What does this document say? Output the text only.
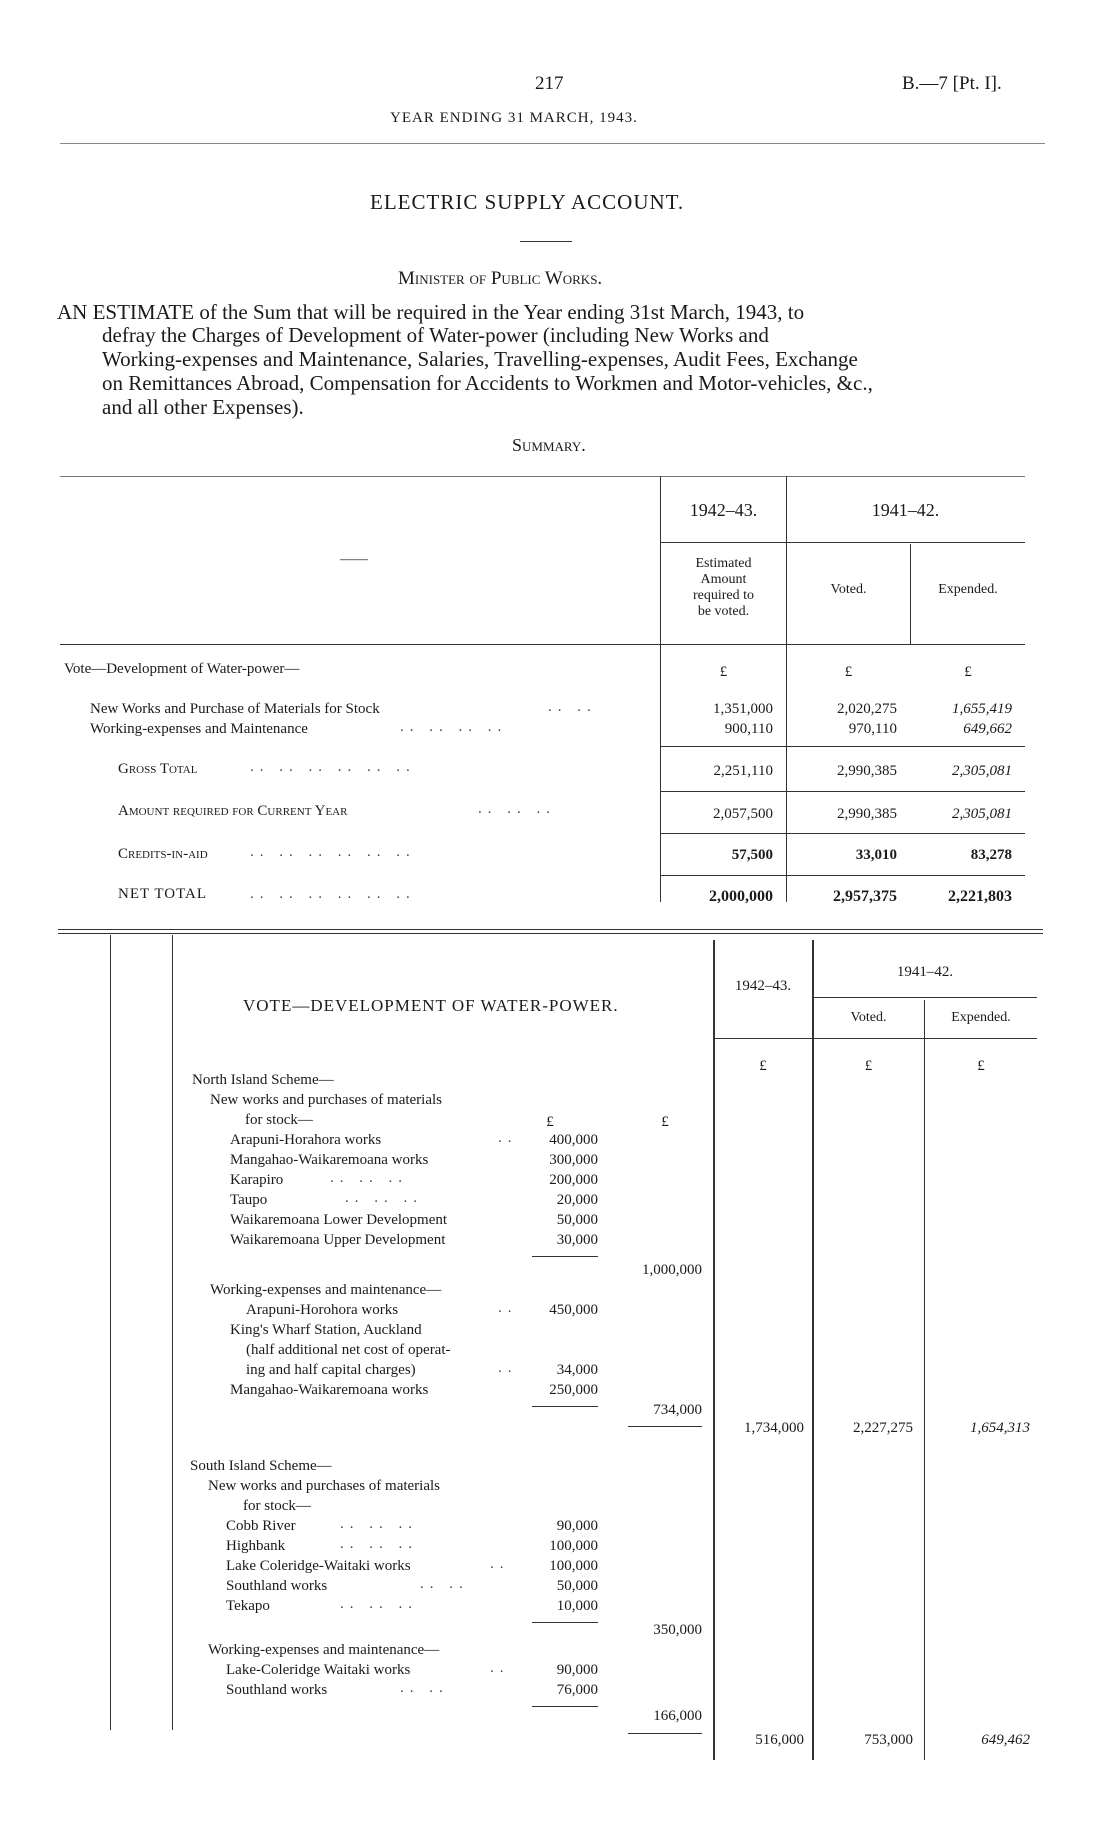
217	B.—7 [Pt. I].
YEAR ENDING 31 MARCH, 1943.
ELECTRIC SUPPLY ACCOUNT.
Minister of Public Works.
AN ESTIMATE of the Sum that will be required in the Year ending 31st March, 1943, to
defray the Charges of Development of Water-power (including New Works and
Working-expenses and Maintenance, Salaries, Travelling-expenses, Audit Fees, Exchange
on Remittances Abroad, Compensation for Accidents to Workmen and Motor-vehicles, &c.,
and all other Expenses).
Summary.
1942–43.	1941–42.
Estimated
Amount
required to
be voted.
Voted.	Expended.
——
Vote—Development of Water-power—	£	£	£
New Works and Purchase of Materials for Stock	.. ..	1,351,000	2,020,275	1,655,419
Working-expenses and Maintenance	.. .. .. ..	900,110	970,110	649,662
Gross Total	.. .. .. .. .. ..	2,251,110	2,990,385	2,305,081
Amount required for Current Year	.. .. ..	2,057,500	2,990,385	2,305,081
Credits-in-aid	.. .. .. .. .. ..	57,500	33,010	83,278
NET TOTAL	.. .. .. .. .. ..	2,000,000	2,957,375	2,221,803
VOTE—DEVELOPMENT OF WATER-POWER.
1942–43.
1941–42.
Voted.	Expended.
£	£	£
North Island Scheme—
New works and purchases of materials
for stock—	£	£
Arapuni-Horahora works	..	400,000
Mangahao-Waikaremoana works	300,000
Karapiro	.. .. ..	200,000
Taupo	.. .. ..	20,000
Waikaremoana Lower Development	50,000
Waikaremoana Upper Development	30,000
1,000,000
Working-expenses and maintenance—
Arapuni-Horohora works	..	450,000
King's Wharf Station, Auckland
(half additional net cost of operat-
ing and half capital charges)	..	34,000
Mangahao-Waikaremoana works	250,000
734,000
1,734,000	2,227,275	1,654,313
South Island Scheme—
New works and purchases of materials
for stock—
Cobb River	.. .. ..	90,000
Highbank	.. .. ..	100,000
Lake Coleridge-Waitaki works	..	100,000
Southland works	.. ..	50,000
Tekapo	.. .. ..	10,000
350,000
Working-expenses and maintenance—
Lake-Coleridge Waitaki works	..	90,000
Southland works	.. ..	76,000
166,000
516,000	753,000	649,462
